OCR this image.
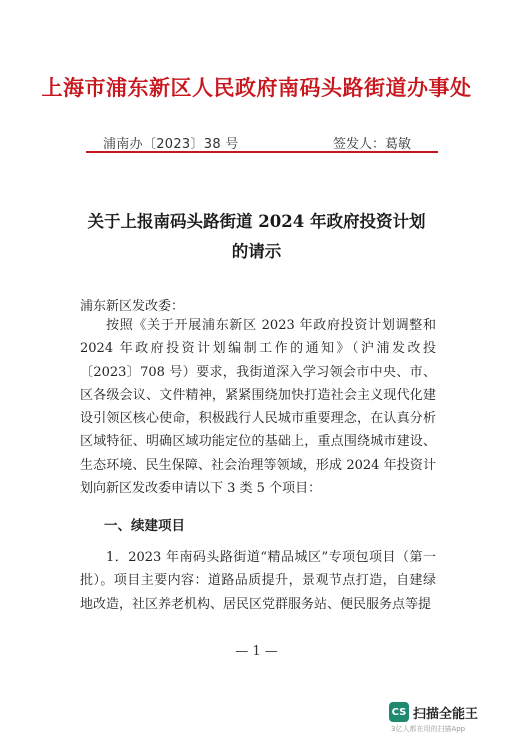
上海市浦东新区人民政府南码头路街道办事处
浦南办〔2023〕38 号	签发人：葛敏
关于上报南码头路街道 2024 年政府投资计划
的请示
浦东新区发改委：
按照《关于开展浦东新区 2023 年政府投资计划调整和 2024 年政府投资计划编制工作的通知》（沪浦发改投〔2023〕708 号）要求，我街道深入学习领会市中央、市、区各级会议、文件精神，紧紧围绕加快打造社会主义现代化建设引领区核心使命，积极践行人民城市重要理念，在认真分析区域特征、明确区域功能定位的基础上，重点围绕城市建设、生态环境、民生保障、社会治理等领域，形成 2024 年投资计划向新区发改委申请以下 3 类 5 个项目：
一、续建项目
1．2023 年南码头路街道“精品城区”专项包项目（第一批）。项目主要内容：道路品质提升，景观节点打造，自建绿地改造，社区养老机构、居民区党群服务站、便民服务点等提
— 1 —
CS 扫描全能王
3亿人都在用的扫描App
